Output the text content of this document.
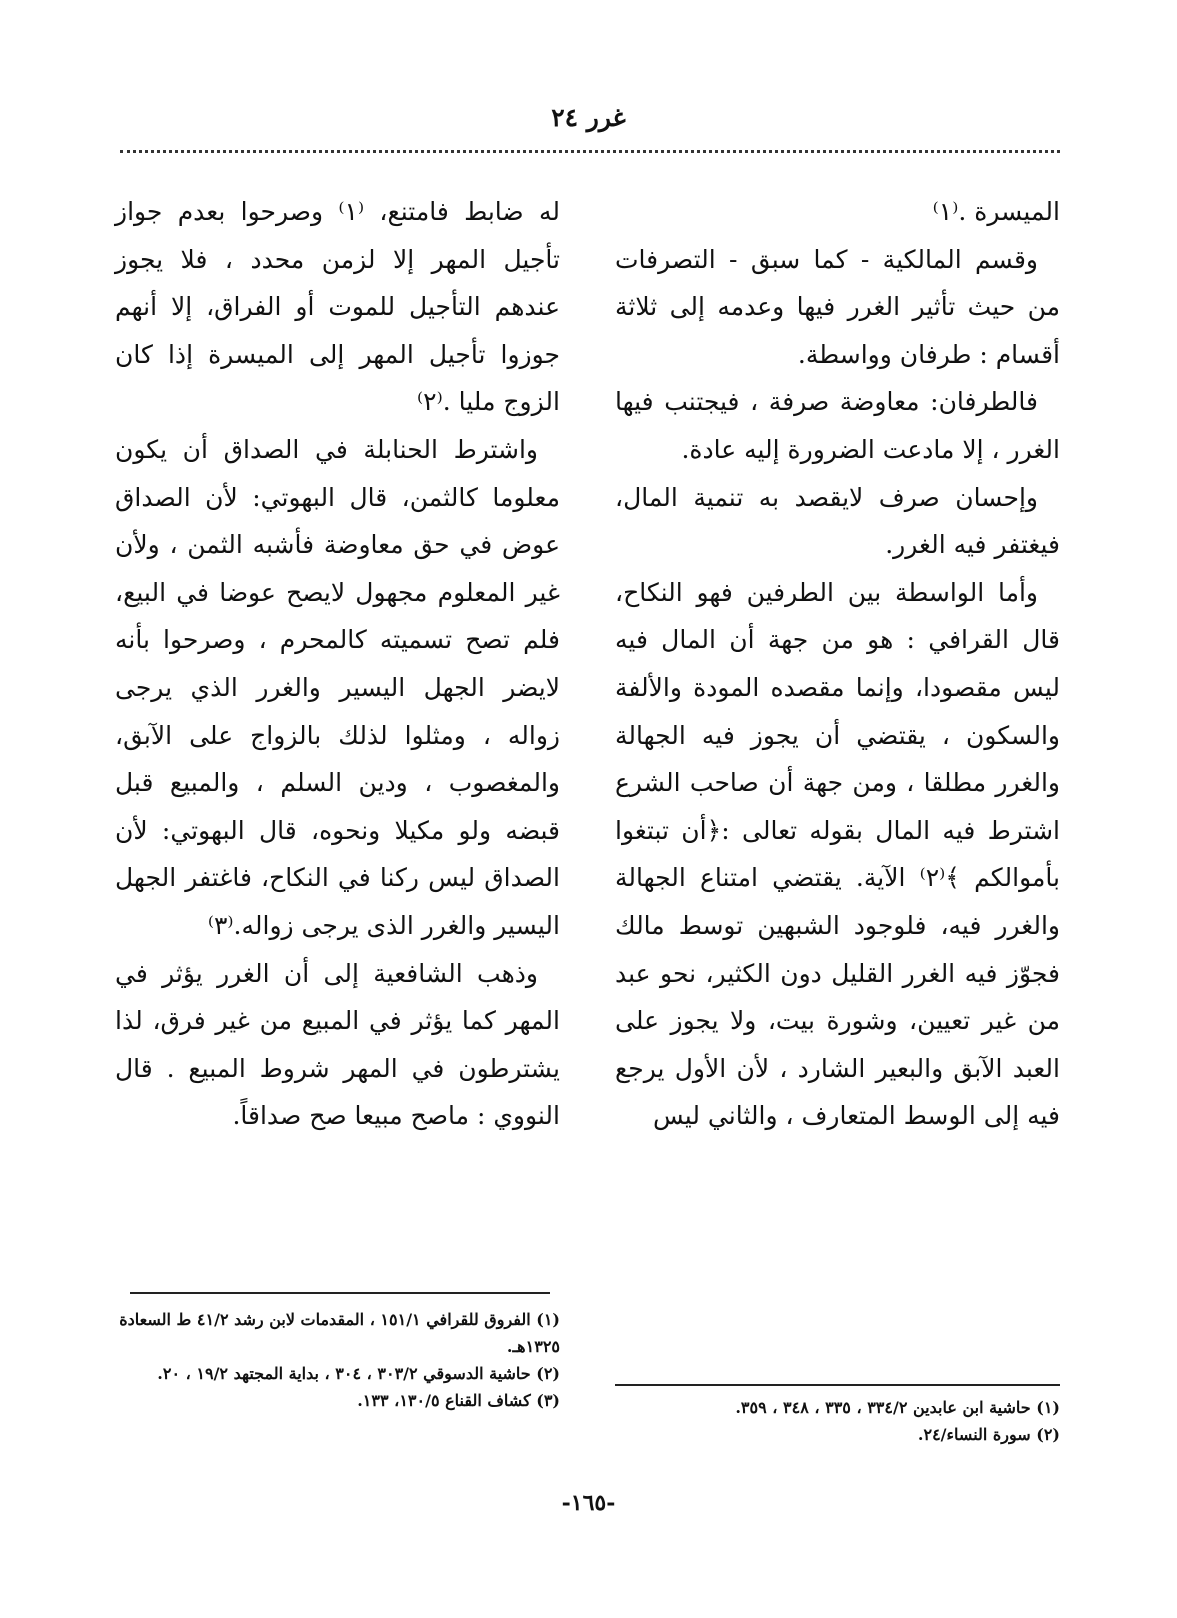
غرر ٢٤

الميسرة .⁽١⁾

وقسم المالكية - كما سبق - التصرفات من حيث تأثير الغرر فيها وعدمه إلى ثلاثة أقسام : طرفان وواسطة.

فالطرفان: معاوضة صرفة ، فيجتنب فيها الغرر ، إلا مادعت الضرورة إليه عادة.

وإحسان صرف لايقصد به تنمية المال، فيغتفر فيه الغرر.

وأما الواسطة بين الطرفين فهو النكاح، قال القرافي : هو من جهة أن المال فيه ليس مقصودا، وإنما مقصده المودة والألفة والسكون ، يقتضي أن يجوز فيه الجهالة والغرر مطلقا ، ومن جهة أن صاحب الشرع اشترط فيه المال بقوله تعالى :﴿أن تبتغوا بأموالكم ﴾⁽٢⁾ الآية. يقتضي امتناع الجهالة والغرر فيه، فلوجود الشبهين توسط مالك فجوّز فيه الغرر القليل دون الكثير، نحو عبد من غير تعيين، وشورة بيت، ولا يجوز على العبد الآبق والبعير الشارد ، لأن الأول يرجع فيه إلى الوسط المتعارف ، والثاني ليس

له ضابط فامتنع، ⁽١⁾ وصرحوا بعدم جواز تأجيل المهر إلا لزمن محدد ، فلا يجوز عندهم التأجيل للموت أو الفراق، إلا أنهم جوزوا تأجيل المهر إلى الميسرة إذا كان الزوج مليا .⁽٢⁾

واشترط الحنابلة في الصداق أن يكون معلوما كالثمن، قال البهوتي: لأن الصداق عوض في حق معاوضة فأشبه الثمن ، ولأن غير المعلوم مجهول لايصح عوضا في البيع، فلم تصح تسميته كالمحرم ، وصرحوا بأنه لايضر الجهل اليسير والغرر الذي يرجى زواله ، ومثلوا لذلك بالزواج على الآبق، والمغصوب ، ودين السلم ، والمبيع قبل قبضه ولو مكيلا ونحوه، قال البهوتي: لأن الصداق ليس ركنا في النكاح، فاغتفر الجهل اليسير والغرر الذى يرجى زواله.⁽٣⁾

وذهب الشافعية إلى أن الغرر يؤثر في المهر كما يؤثر في المبيع من غير فرق، لذا يشترطون في المهر شروط المبيع . قال النووي : ماصح مبيعا صح صداقاً.

(١) حاشية ابن عابدين ٣٣٤/٢ ، ٣٣٥ ، ٣٤٨ ، ٣٥٩.

(٢) سورة النساء/٢٤.

(١) الفروق للقرافي ١٥١/١ ، المقدمات لابن رشد ٤١/٢ ط السعادة ١٣٢٥هـ.

(٢) حاشية الدسوقي ٣٠٣/٢ ، ٣٠٤ ، بداية المجتهد ١٩/٢ ، ٢٠.

(٣) كشاف القناع ١٣٠/٥، ١٣٣.

-١٦٥-
